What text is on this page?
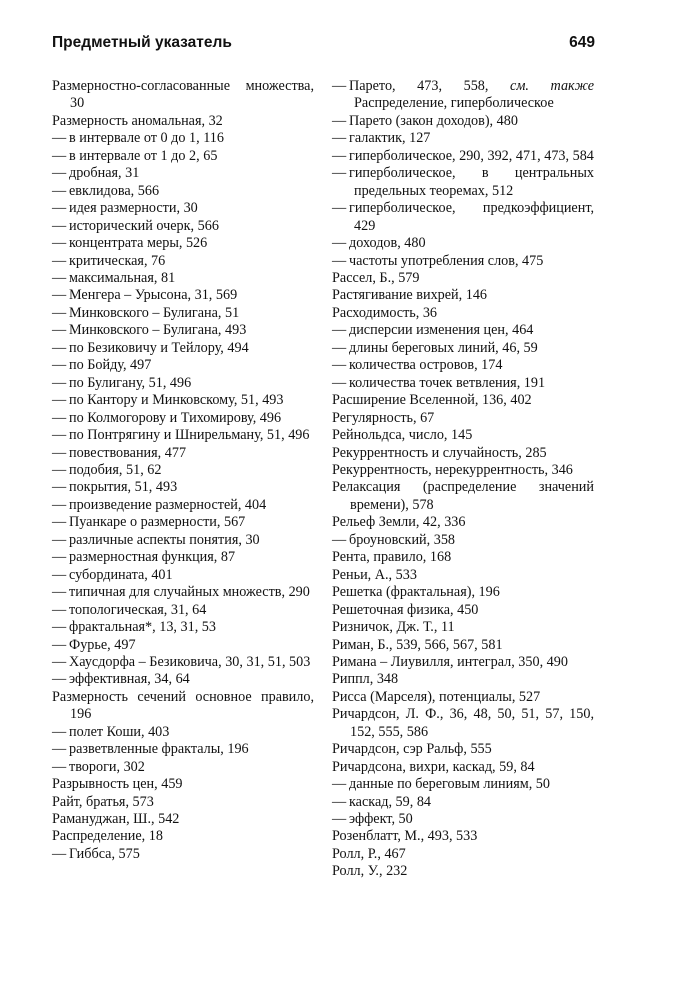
Предметный указатель	649
Размерностно-согласованные множества, 30
Размерность аномальная, 32
— в интервале от 0 до 1, 116
— в интервале от 1 до 2, 65
— дробная, 31
— евклидова, 566
— идея размерности, 30
— исторический очерк, 566
— концентрата меры, 526
— критическая, 76
— максимальная, 81
— Менгера – Урысона, 31, 569
— Минковского – Булигана, 51
— Минковского – Булигана, 493
— по Безиковичу и Тейлору, 494
— по Бойду, 497
— по Булигану, 51, 496
— по Кантору и Минковскому, 51, 493
— по Колмогорову и Тихомирову, 496
— по Понтрягину и Шнирельману, 51, 496
— повествования, 477
— подобия, 51, 62
— покрытия, 51, 493
— произведение размерностей, 404
— Пуанкаре о размерности, 567
— различные аспекты понятия, 30
— размерностная функция, 87
— субордината, 401
— типичная для случайных множеств, 290
— топологическая, 31, 64
— фрактальная*, 13, 31, 53
— Фурье, 497
— Хаусдорфа – Безиковича, 30, 31, 51, 503
— эффективная, 34, 64
Размерность сечений основное правило, 196
— полет Коши, 403
— разветвленные фракталы, 196
— твороги, 302
Разрывность цен, 459
Райт, братья, 573
Рамануджан, Ш., 542
Распределение, 18
— Гиббса, 575
— Парето, 473, 558, см. также Распределение, гиперболическое
— Парето (закон доходов), 480
— галактик, 127
— гиперболическое, 290, 392, 471, 473, 584
— гиперболическое, в центральных предельных теоремах, 512
— гиперболическое, предкоэффициент, 429
— доходов, 480
— частоты употребления слов, 475
Рассел, Б., 579
Растягивание вихрей, 146
Расходимость, 36
— дисперсии изменения цен, 464
— длины береговых линий, 46, 59
— количества островов, 174
— количества точек ветвления, 191
Расширение Вселенной, 136, 402
Регулярность, 67
Рейнольдса, число, 145
Рекуррентность и случайность, 285
Рекуррентность, нерекуррентность, 346
Релаксация (распределение значений времени), 578
Рельеф Земли, 42, 336
— броуновский, 358
Рента, правило, 168
Реньи, А., 533
Решетка (фрактальная), 196
Решеточная физика, 450
Ризничок, Дж. Т., 11
Риман, Б., 539, 566, 567, 581
Римана – Лиувилля, интеграл, 350, 490
Риппл, 348
Рисса (Марселя), потенциалы, 527
Ричардсон, Л. Ф., 36, 48, 50, 51, 57, 150, 152, 555, 586
Ричардсон, сэр Ральф, 555
Ричардсона, вихри, каскад, 59, 84
— данные по береговым линиям, 50
— каскад, 59, 84
— эффект, 50
Розенблатт, М., 493, 533
Ролл, Р., 467
Ролл, У., 232
